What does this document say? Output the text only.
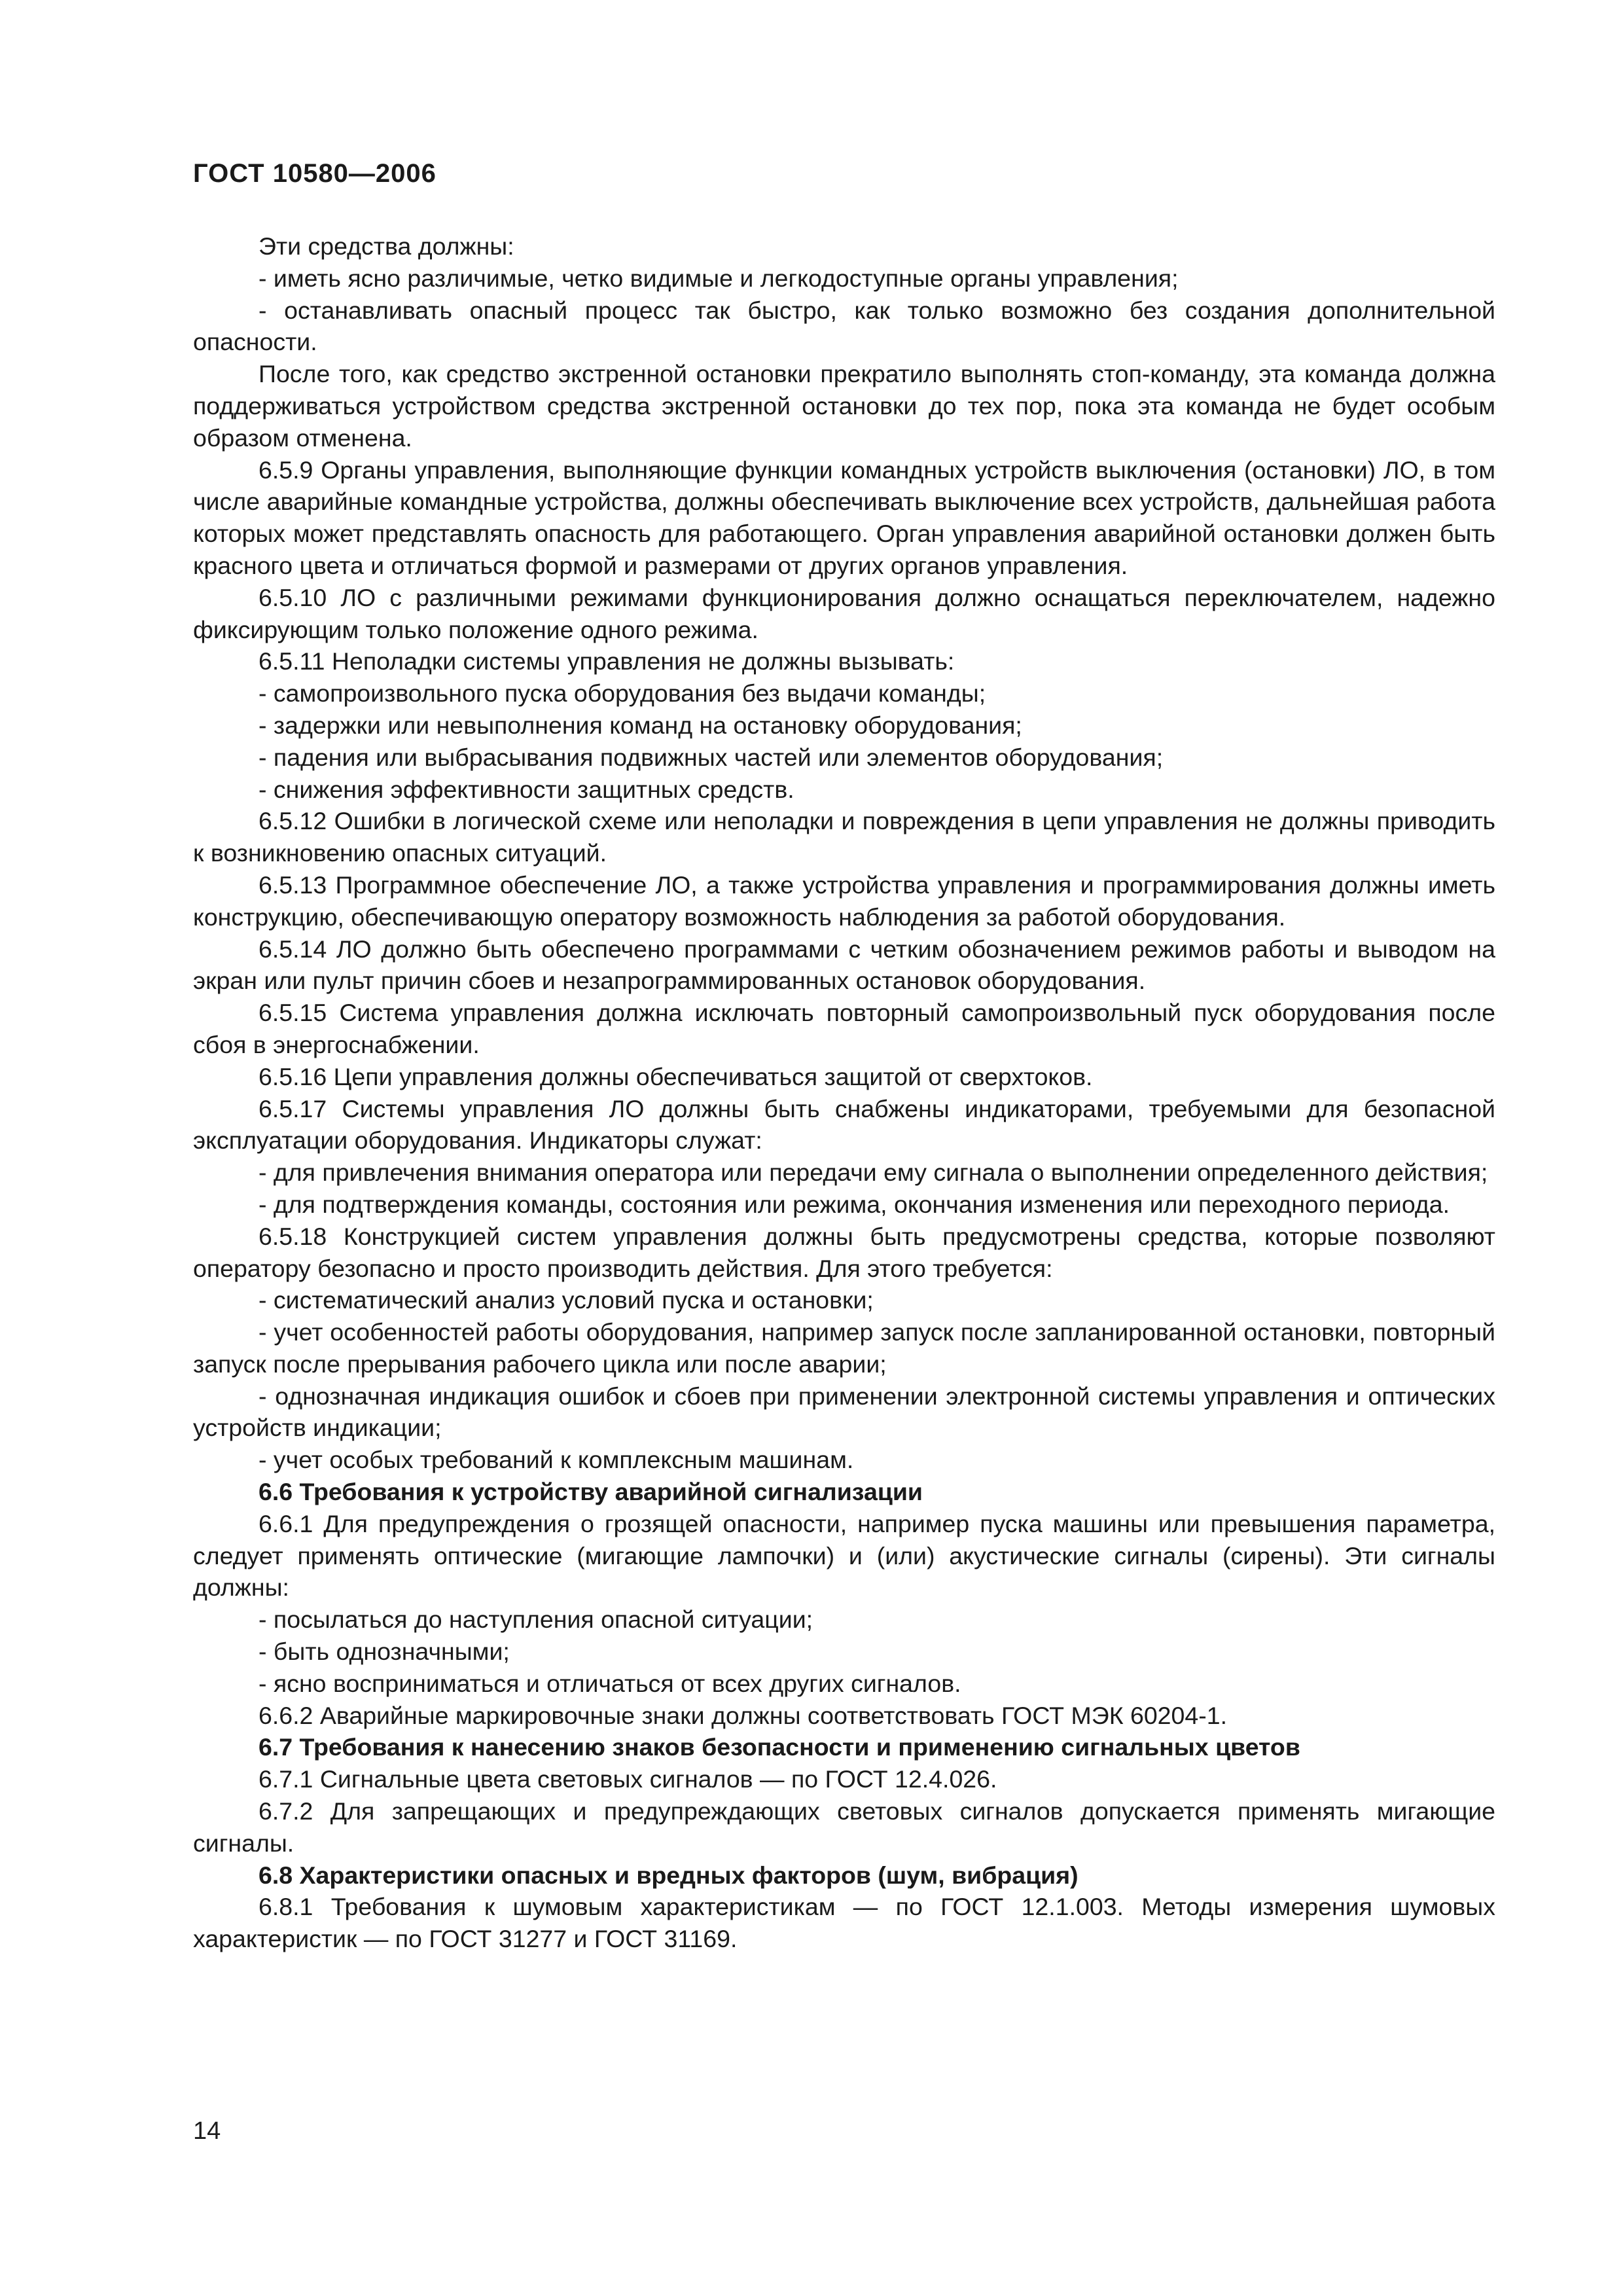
ГОСТ 10580—2006

Эти средства должны:

- иметь ясно различимые, четко видимые и легкодоступные органы управления;

- останавливать опасный процесс так быстро, как только возможно без создания дополнительной опасности.

После того, как средство экстренной остановки прекратило выполнять стоп-команду, эта команда должна поддерживаться устройством средства экстренной остановки до тех пор, пока эта команда не будет особым образом отменена.

6.5.9 Органы управления, выполняющие функции командных устройств выключения (остановки) ЛО, в том числе аварийные командные устройства, должны обеспечивать выключение всех устройств, дальнейшая работа которых может представлять опасность для работающего. Орган управления аварийной остановки должен быть красного цвета и отличаться формой и размерами от других органов управления.

6.5.10 ЛО с различными режимами функционирования должно оснащаться переключателем, надежно фиксирующим только положение одного режима.

6.5.11 Неполадки системы управления не должны вызывать:

- самопроизвольного пуска оборудования без выдачи команды;

- задержки или невыполнения команд на остановку оборудования;

- падения или выбрасывания подвижных частей или элементов оборудования;

- снижения эффективности защитных средств.

6.5.12 Ошибки в логической схеме или неполадки и повреждения в цепи управления не должны приводить к возникновению опасных ситуаций.

6.5.13 Программное обеспечение ЛО, а также устройства управления и программирования должны иметь конструкцию, обеспечивающую оператору возможность наблюдения за работой оборудования.

6.5.14 ЛО должно быть обеспечено программами с четким обозначением режимов работы и выводом на экран или пульт причин сбоев и незапрограммированных остановок оборудования.

6.5.15 Система управления должна исключать повторный самопроизвольный пуск оборудования после сбоя в энергоснабжении.

6.5.16 Цепи управления должны обеспечиваться защитой от сверхтоков.

6.5.17 Системы управления ЛО должны быть снабжены индикаторами, требуемыми для безопасной эксплуатации оборудования. Индикаторы служат:

- для привлечения внимания оператора или передачи ему сигнала о выполнении определенного действия;

- для подтверждения команды, состояния или режима, окончания изменения или переходного периода.

6.5.18 Конструкцией систем управления должны быть предусмотрены средства, которые позволяют оператору безопасно и просто производить действия. Для этого требуется:

- систематический анализ условий пуска и остановки;

- учет особенностей работы оборудования, например запуск после запланированной остановки, повторный запуск после прерывания рабочего цикла или после аварии;

- однозначная индикация ошибок и сбоев при применении электронной системы управления и оптических устройств индикации;

- учет особых требований к комплексным машинам.

6.6 Требования к устройству аварийной сигнализации

6.6.1 Для предупреждения о грозящей опасности, например пуска машины или превышения параметра, следует применять оптические (мигающие лампочки) и (или) акустические сигналы (сирены). Эти сигналы должны:

- посылаться до наступления опасной ситуации;

- быть однозначными;

- ясно восприниматься и отличаться от всех других сигналов.

6.6.2 Аварийные маркировочные знаки должны соответствовать ГОСТ МЭК 60204-1.

6.7 Требования к нанесению знаков безопасности и применению сигнальных цветов

6.7.1 Сигнальные цвета световых сигналов — по ГОСТ 12.4.026.

6.7.2 Для запрещающих и предупреждающих световых сигналов допускается применять мигающие сигналы.

6.8 Характеристики опасных и вредных факторов (шум, вибрация)

6.8.1 Требования к шумовым характеристикам — по ГОСТ 12.1.003. Методы измерения шумовых характеристик — по ГОСТ 31277 и ГОСТ 31169.

14
